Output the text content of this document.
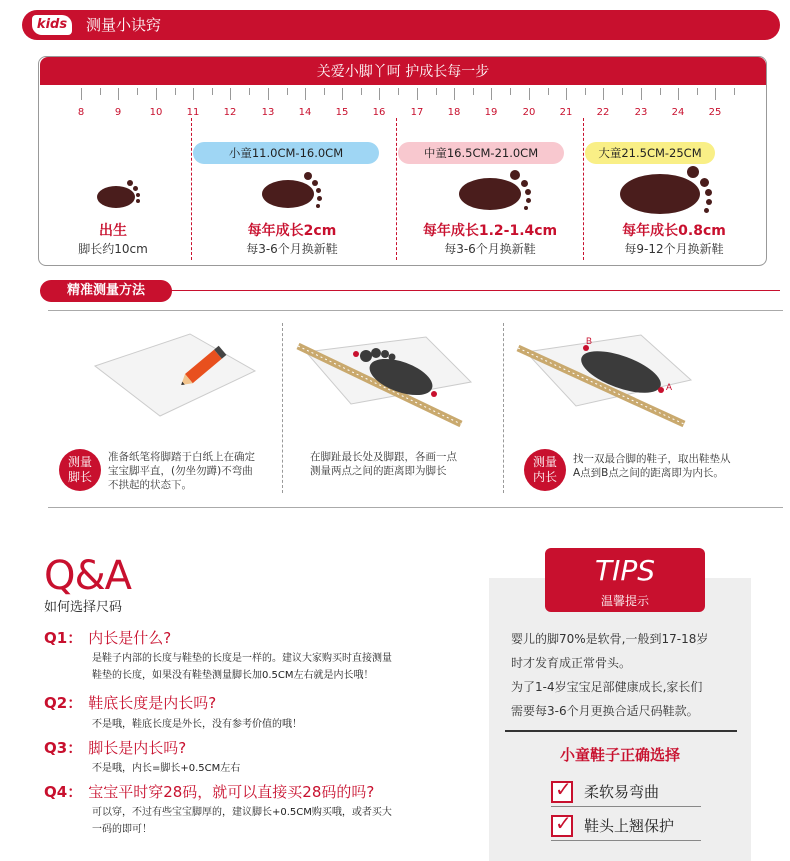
kids	测量小诀窍
关爱小脚丫呵 护成长每一步
8	9	10	11	12	13	14	15	16	17	18	19	20	21	22	23	24	25
小童11.0CM-16.0CM	中童16.5CM-21.0CM	大童21.5CM-25CM
出生
脚长约10cm
每年成长2cm
每3-6个月换新鞋
每年成长1.2-1.4cm
每3-6个月换新鞋
每年成长0.8cm
每9-12个月换新鞋
精准测量方法
B
A
测量
脚长
准备纸笔将脚踏于白纸上在确定
宝宝脚平直，(勿坐勿蹲)不弯曲
不拱起的状态下。
在脚趾最长处及脚跟，各画一点
测量两点之间的距离即为脚长
测量
内长
找一双最合脚的鞋子，取出鞋垫从
A点到B点之间的距离即为内长。
Q&A
如何选择尺码
Q1： 内长是什么?
是鞋子内部的长度与鞋垫的长度是一样的。建议大家购买时直接测量
鞋垫的长度，如果没有鞋垫测量脚长加0.5CM左右就是内长哦！
Q2： 鞋底长度是内长吗?
不是哦，鞋底长度是外长，没有参考价值的哦！
Q3： 脚长是内长吗?
不是哦，内长=脚长+0.5CM左右
Q4： 宝宝平时穿28码，就可以直接买28码的吗?
可以穿，不过有些宝宝脚厚的，建议脚长+0.5CM购买哦，或者买大
一码的即可！
TIPS
温馨提示
婴儿的脚70%是软骨,一般到17-18岁
时才发育成正常骨头。
为了1-4岁宝宝足部健康成长,家长们
需要每3-6个月更换合适尺码鞋款。
小童鞋子正确选择
✓ 柔软易弯曲
✓ 鞋头上翘保护
